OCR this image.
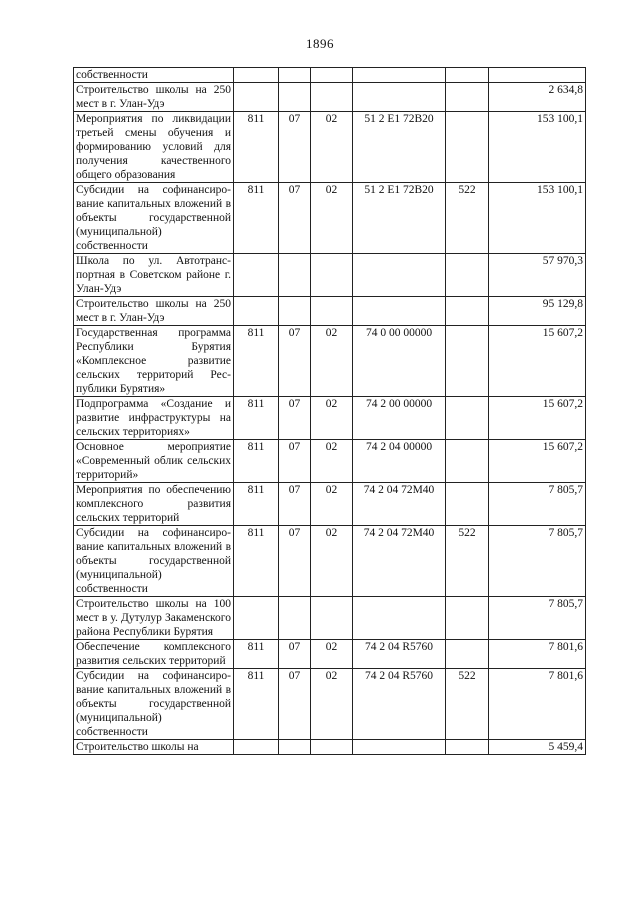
1896
собственности						
Строительство школы на 250 мест в г. Улан-Удэ						2 634,8
Мероприятия по ликвидации третьей смены обучения и формированию условий для получения качественного общего образования	811	07	02	51 2 E1 72B20		153 100,1
Субсидии на софинансирование капитальных вложений в объекты государственной (муниципальной) собственности	811	07	02	51 2 E1 72B20	522	153 100,1
Школа по ул. Автотранспортная в Советском районе г. Улан-Удэ						57 970,3
Строительство школы на 250 мест в г. Улан-Удэ						95 129,8
Государственная программа Республики Бурятия «Комплексное развитие сельских территорий Республики Бурятия»	811	07	02	74 0 00 00000		15 607,2
Подпрограмма «Создание и развитие инфраструктуры на сельских территориях»	811	07	02	74 2 00 00000		15 607,2
Основное мероприятие «Современный облик сельских территорий»	811	07	02	74 2 04 00000		15 607,2
Мероприятия по обеспечению комплексного развития сельских территорий	811	07	02	74 2 04 72M40		7 805,7
Субсидии на софинансирование капитальных вложений в объекты государственной (муниципальной) собственности	811	07	02	74 2 04 72M40	522	7 805,7
Строительство школы на 100 мест в у. Дутулур Закаменского района Республики Бурятия						7 805,7
Обеспечение комплексного развития сельских территорий	811	07	02	74 2 04 R5760		7 801,6
Субсидии на софинансирование капитальных вложений в объекты государственной (муниципальной) собственности	811	07	02	74 2 04 R5760	522	7 801,6
Строительство школы на						5 459,4
